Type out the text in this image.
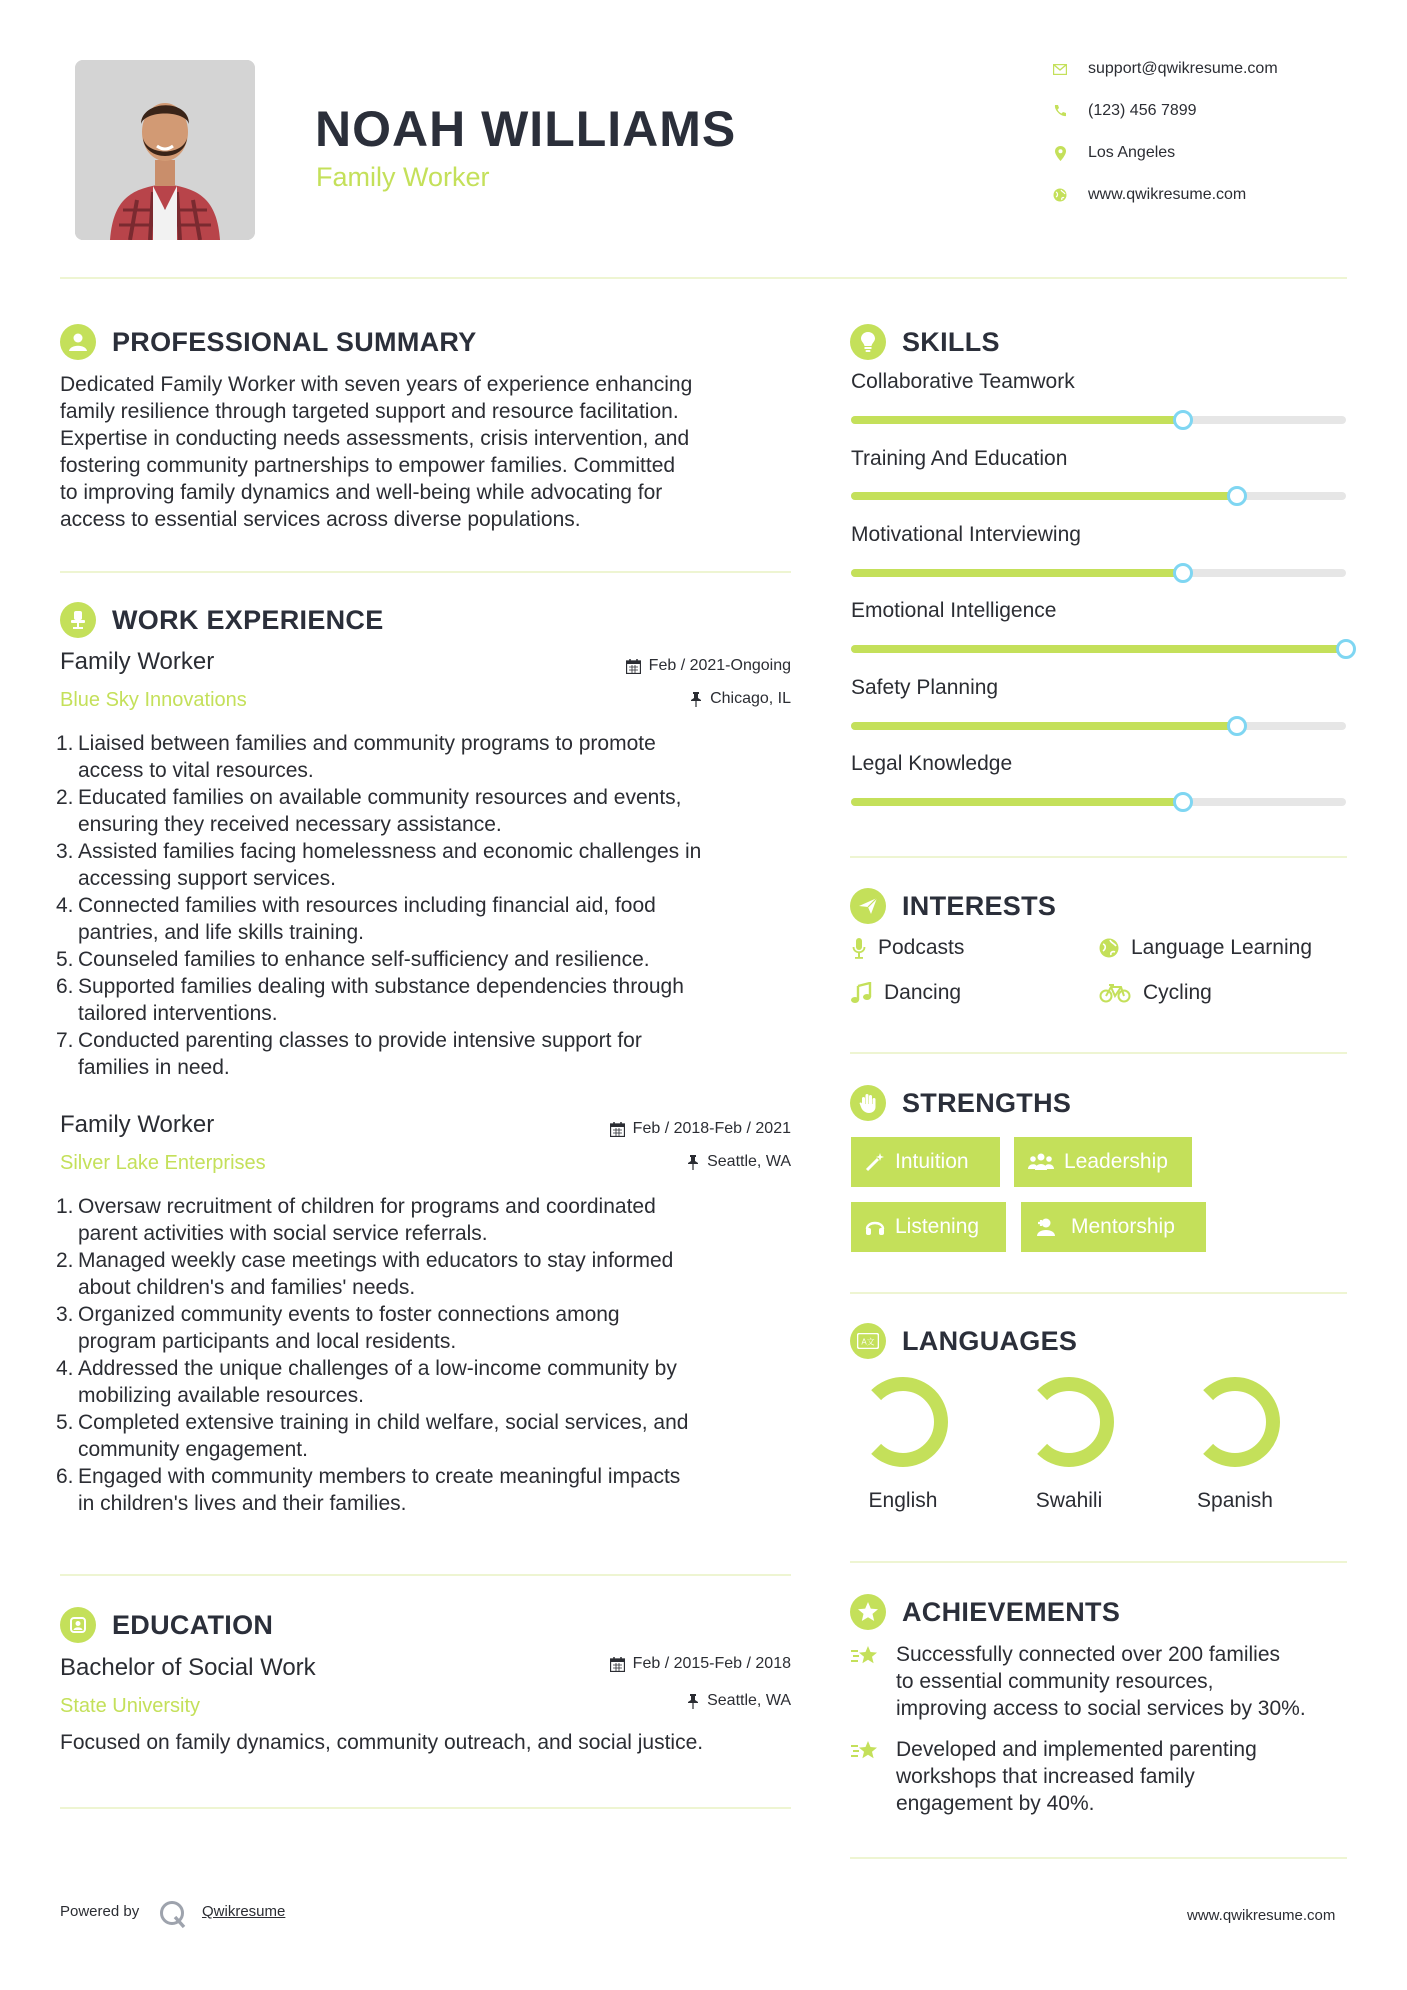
NOAH WILLIAMS
Family Worker
support@qwikresume.com
(123) 456 7899
Los Angeles
www.qwikresume.com
PROFESSIONAL SUMMARY
Dedicated Family Worker with seven years of experience enhancing
family resilience through targeted support and resource facilitation.
Expertise in conducting needs assessments, crisis intervention, and
fostering community partnerships to empower families. Committed
to improving family dynamics and well-being while advocating for
access to essential services across diverse populations.
WORK EXPERIENCE
Family Worker
Blue Sky Innovations
Feb / 2021-Ongoing
Chicago, IL
1. Liaised between families and community programs to promote
access to vital resources.
2. Educated families on available community resources and events,
ensuring they received necessary assistance.
3. Assisted families facing homelessness and economic challenges in
accessing support services.
4. Connected families with resources including financial aid, food
pantries, and life skills training.
5. Counseled families to enhance self-sufficiency and resilience.
6. Supported families dealing with substance dependencies through
tailored interventions.
7. Conducted parenting classes to provide intensive support for
families in need.
Family Worker
Silver Lake Enterprises
Feb / 2018-Feb / 2021
Seattle, WA
1. Oversaw recruitment of children for programs and coordinated
parent activities with social service referrals.
2. Managed weekly case meetings with educators to stay informed
about children's and families' needs.
3. Organized community events to foster connections among
program participants and local residents.
4. Addressed the unique challenges of a low-income community by
mobilizing available resources.
5. Completed extensive training in child welfare, social services, and
community engagement.
6. Engaged with community members to create meaningful impacts
in children's lives and their families.
EDUCATION
Bachelor of Social Work
State University
Feb / 2015-Feb / 2018
Seattle, WA
Focused on family dynamics, community outreach, and social justice.
SKILLS
Collaborative Teamwork
Training And Education
Motivational Interviewing
Emotional Intelligence
Safety Planning
Legal Knowledge
INTERESTS
Podcasts	Language Learning
Dancing	Cycling
STRENGTHS
Intuition	Leadership
Listening	Mentorship
A文 LANGUAGES
English	Swahili	Spanish
ACHIEVEMENTS
Successfully connected over 200 families
to essential community resources,
improving access to social services by 30%.
Developed and implemented parenting
workshops that increased family
engagement by 40%.
Powered by	Qwikresume	www.qwikresume.com
